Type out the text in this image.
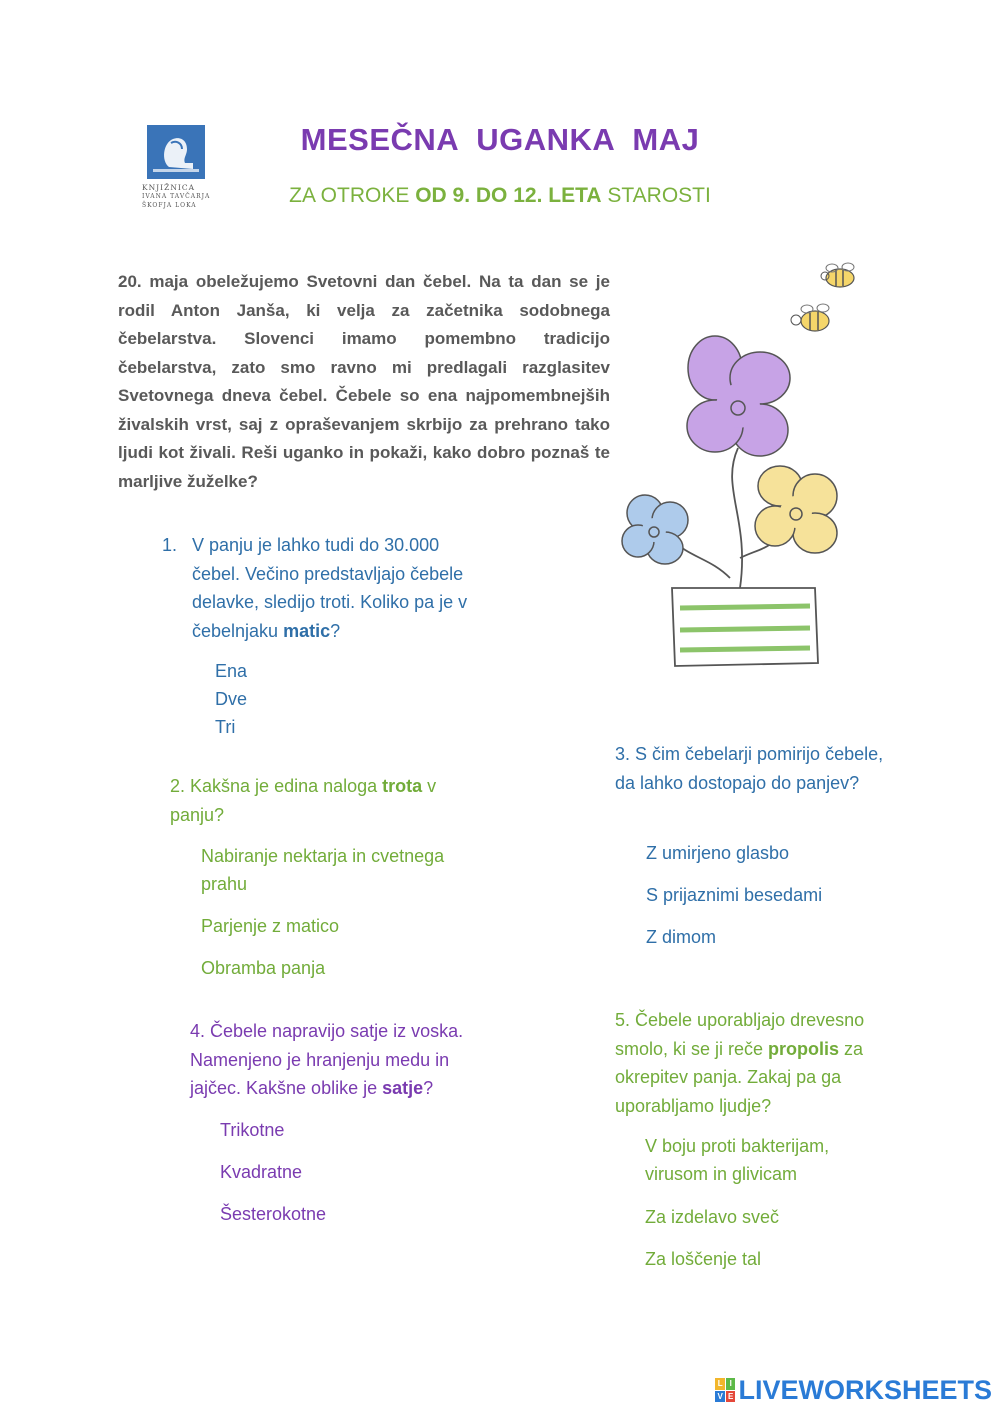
KNJIŽNICA
IVANA TAVČARJA
ŠKOFJA LOKA
MESEČNA  UGANKA  MAJ
ZA OTROKE OD 9. DO 12. LETA STAROSTI
20. maja obeležujemo Svetovni dan čebel. Na ta dan se je rodil Anton Janša, ki velja za začetnika sodobnega čebelarstva. Slovenci imamo pomembno tradicijo čebelarstva, zato smo ravno mi predlagali razglasitev Svetovnega dneva čebel. Čebele so ena najpomembnejših živalskih vrst, saj z opraševanjem skrbijo za prehrano tako ljudi kot živali. Reši uganko in pokaži, kako dobro poznaš te marljive žuželke?
1. V panju je lahko tudi do 30.000 čebel. Večino predstavljajo čebele delavke, sledijo troti. Koliko pa je v čebelnjaku matic?
Ena
Dve
Tri
2. Kakšna je edina naloga trota v panju?
Nabiranje nektarja in cvetnega prahu
Parjenje z matico
Obramba panja
3. S čim čebelarji pomirijo čebele, da lahko dostopajo do panjev?
Z umirjeno glasbo
S prijaznimi besedami
Z dimom
4. Čebele napravijo satje iz voska. Namenjeno je hranjenju medu in jajčec. Kakšne oblike je satje?
Trikotne
Kvadratne
Šesterokotne
5. Čebele uporabljajo drevesno smolo, ki se ji reče propolis za okrepitev panja. Zakaj pa ga uporabljamo ljudje?
V boju proti bakterijam, virusom in glivicam
Za izdelavo sveč
Za loščenje tal
L I
V E LIVEWORKSHEETS
